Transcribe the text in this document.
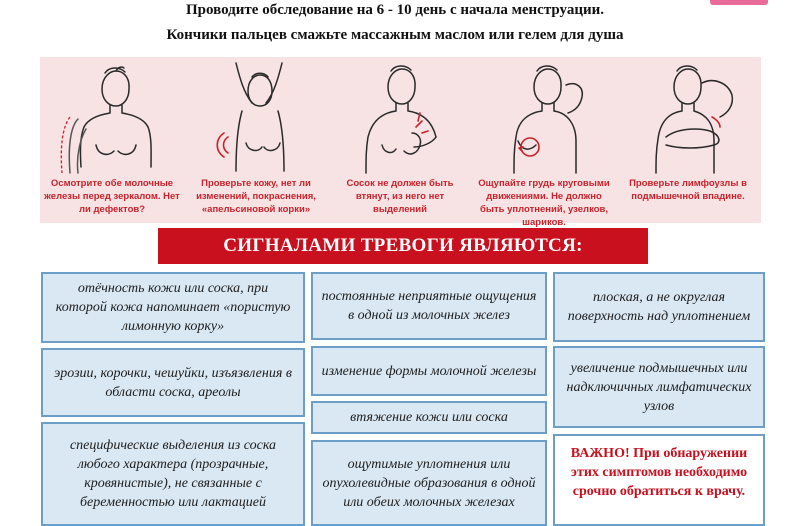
Проводите обследование на 6 - 10 день с начала менструации.
Кончики пальцев смажьте массажным маслом или гелем для душа
Осмотрите обе молочные железы перед зеркалом. Нет ли дефектов?
Проверьте кожу, нет ли изменений, покраснения, «апельсиновой корки»
Сосок не должен быть втянут, из него нет выделений
Ощупайте грудь круговыми движениями. Не должно быть уплотнений, узелков, шариков.
Проверьте лимфоузлы в подмышечной впадине.
СИГНАЛАМИ ТРЕВОГИ ЯВЛЯЮТСЯ:
отёчность кожи или соска, при которой кожа напоминает «пористую лимонную корку»
эрозии, корочки, чешуйки, изъязвления в области соска, ареолы
специфические выделения из соска любого характера (прозрачные, кровянистые), не связанные с беременностью или лактацией
постоянные неприятные ощущения в одной из молочных желез
изменение формы молочной железы
втяжение кожи или соска
ощутимые уплотнения или опухолевидные образования в одной или обеих молочных железах
плоская, а не округлая поверхность над уплотнением
увеличение подмышечных или надключичных лимфатических узлов
ВАЖНО! При обнаружении этих симптомов необходимо срочно обратиться к врачу.
